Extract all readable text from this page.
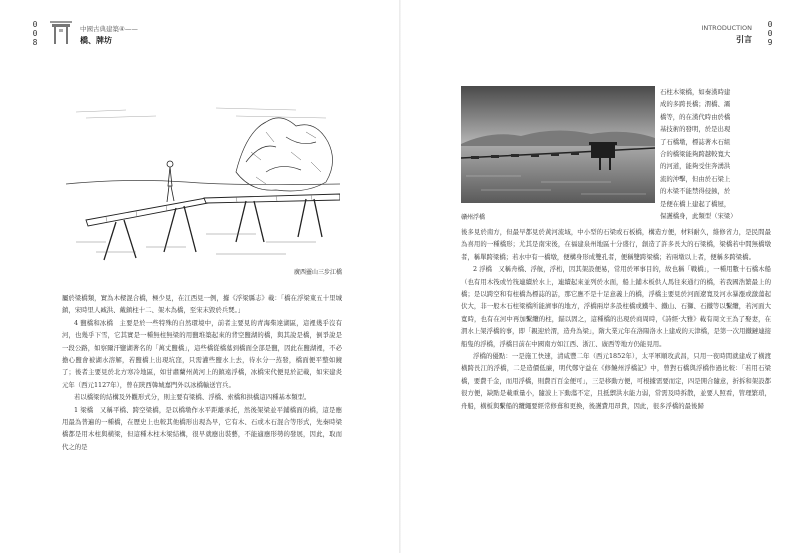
0
0
8
中國古典建築④——
橋、牌坊
廣西靈山三步江橋

屬於梁橋類，實為木樑混合橋，極少見，在江西見一例，據《浮梁縣志》載：「橋在浮梁東五十里城鎮，宋時里人臧洪、戴鎮柱十二、架木為橋，至宋末毀於兵燹。」

4 鹽橋和冰橋　主要是於一些特殊的自然環境中，前者主要見的青海柴達湖區，這裡幾乎沒有河，也幾乎下雪，它其實是一種無柱無梁的用鹽堆築起來的背空鹽湖的橋，與其說是橋，倒爭說是一段公路，如察爾汗鹽湖著名的「萬丈鹽橋」，這些橋從橋墓到橋面全部是鹽，因此在鹽湖裡，不必擔心鹽會被湖水溶解，若鹽橋上出現坑窪，只需灌些鹽水上去，待水分一蒸發，橋面便平整如鏡了；後者主要見於北方寒冷地區，如甘肅蘭州黃河上的鎮遠浮橋，冰橋宋代便見於記載，如宋建炎元年（西元1127年），曾在陝西韓城嘉門外以冰橋輸送官兵。

若以橋梁的結構及外觀形式分，則主要有梁橋、浮橋、索橋和拱橋這四種基本類型。

1 梁橋　又稱平橋、跨空梁橋，是以橋墩作水平距離承托，然後架梁並平鋪橋面的橋，這是應用最為普遍的一種橋，在歷史上也較其他橋形出現為早，它有木、石或木石混合等形式，先秦時梁橋都是用木柱與橫梁，但這種木柱木梁結構，很早就應出裝藝，不能適應形勢的發展，因此，取而代之的是

INTRODUCTION
引言
0
0
9
贛州浮橋
石柱木梁橋，如秦漢時建
成的多跨長橋；渭橋、灞
橋等，的在漢代時由於橋
基技術的發明，於是出現
了石橋墩，標誌著木石組
合的橋梁能夠跨越較寬大
的河道，能夠受住奔湧洪
流的沖擊，但由於石梁上
的木梁不能禁得侵蝕，於
是便在橋上建起了橋屋，
保護橋身，此類型（宋梁）

後多見於南方，但最早都見於黃河流域，中小型的石梁或石板橋，構造方便，材料耐久，維修省力，是民間最為喜用的一種橋形；尤其是南宋後，在福建泉州地區十分盛行，創造了許多長大的石梁橋，梁橋若中間無橋墩者，稱單跨梁橋；若水中有一橋墩，便構身形成雙孔者，便稱雙跨梁橋；若兩墩以上者，便稱多跨梁橋。

2 浮橋　又稱舟橋、浮航，浮桁，因其架設便易，常用於軍事目的，故也稱「戰橋」，一種用數十石橋木船（也有用木筏或竹筏連續於水上，連續起來並列於水面，船上鋪木板供人馬往來通行的橋，若我國浩繁最上的橋；是以跨空和有柱橋為標誌的話，那它應不是十足意義上的橋，浮橋主要見於河面遼寬及河水暴漲或激蕩起伏大，非一般木石柱梁橋所能濟事的地方，浮橋兩岸多設柱橋或鐵牛、鐵山、石獅、石鐵等以繫纜，若河面大寬時，也有在河中再加繫纜的柱，錨以固之，這種橋的出現於商周時，《詩經·大雅》載有周文王為了娶妻，在渭水上架浮橋的事，即「親迎於渭，造舟為梁」，隋大業元年在洛陽洛水上建成的天津橋，是第一次用鐵鏈連接船隻的浮橋，浮橋目前在中國南方如江西、浙江、廣西等地方仍能見用。

浮橋的優點：一是施工快速，清咸豐二年（西元1852年），太平軍順攻武昌，只用一夜時間就建成了橫渡橫跨長江的浮橋，二是造價低廉，明代鄭守益在《修饒州浮橋記》中，曾對石橋與浮橋作過比較：「若用石梁橋，要費千金，而用浮橋，則費百百金便可」，三是移動方便，可根據需要而定，四是開合隨意，折拆和架設都很方便，缺點是載重量小，隨波上下動蕩不定，且抵禦洪水能力弱，常需及時拆散，並要人照看，管理繁瑣，舟船，橫板與繫船的纜繩要經常修葺和更換，後護費用昂貴，因此，很多浮橋的最後歸
